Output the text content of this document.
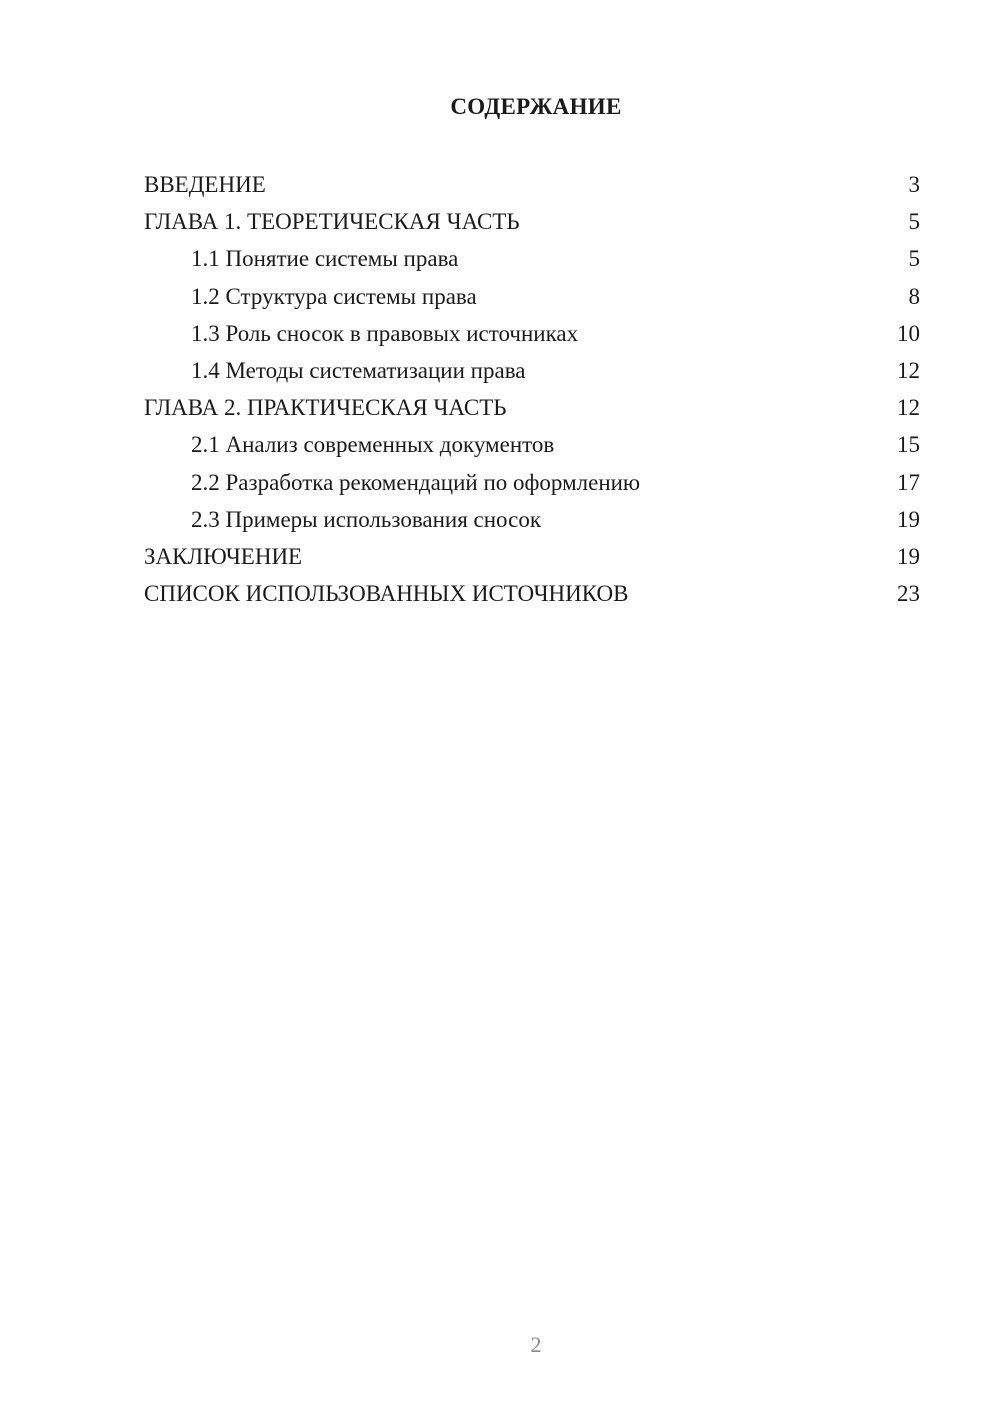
СОДЕРЖАНИЕ
ВВЕДЕНИЕ	3
ГЛАВА 1. ТЕОРЕТИЧЕСКАЯ ЧАСТЬ	5
1.1 Понятие системы права	5
1.2 Структура системы права	8
1.3 Роль сносок в правовых источниках	10
1.4 Методы систематизации права	12
ГЛАВА 2. ПРАКТИЧЕСКАЯ ЧАСТЬ	12
2.1 Анализ современных документов	15
2.2 Разработка рекомендаций по оформлению	17
2.3 Примеры использования сносок	19
ЗАКЛЮЧЕНИЕ	19
СПИСОК ИСПОЛЬЗОВАННЫХ ИСТОЧНИКОВ	23
2
